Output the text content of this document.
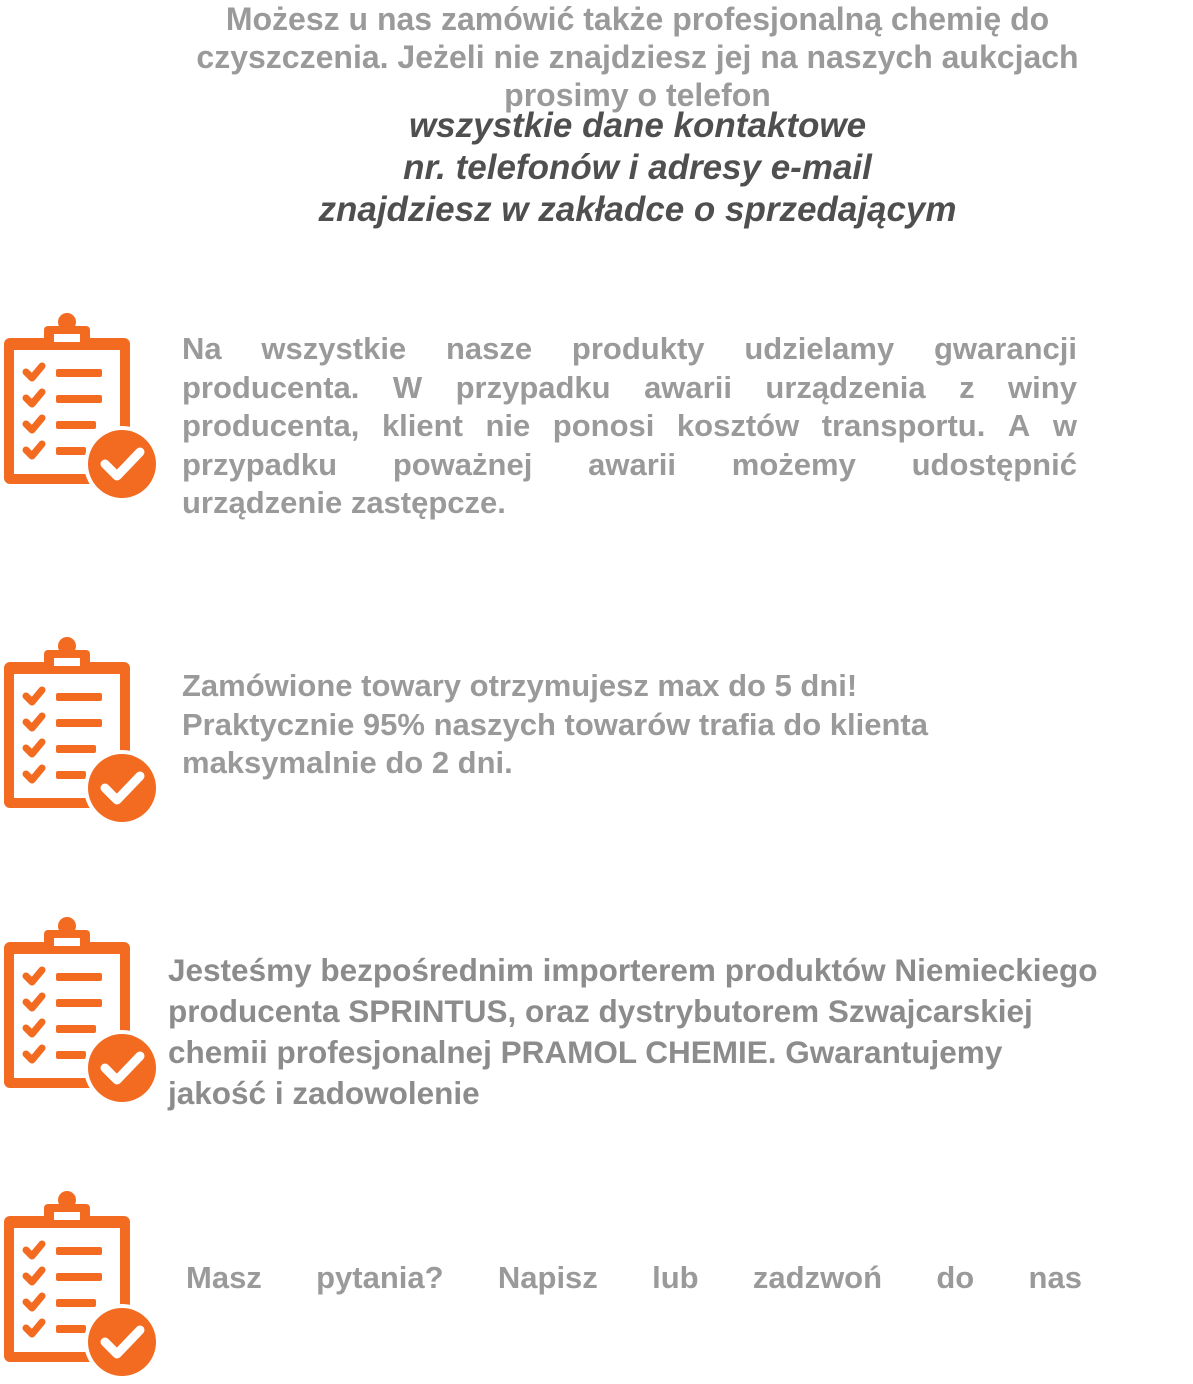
Możesz u nas zamówić także profesjonalną chemię do
czyszczenia. Jeżeli nie znajdziesz jej na naszych aukcjach
prosimy o telefon
wszystkie dane kontaktowe
nr. telefonów i adresy e-mail
znajdziesz w zakładce o sprzedającym
Na wszystkie nasze produkty udzielamy gwarancji
producenta. W przypadku awarii urządzenia z winy
producenta, klient nie ponosi kosztów transportu. A w
przypadku poważnej awarii możemy udostępnić
urządzenie zastępcze.
Zamówione towary otrzymujesz max do 5 dni!
Praktycznie 95% naszych towarów trafia do klienta
maksymalnie do 2 dni.
Jesteśmy bezpośrednim importerem produktów Niemieckiego
producenta SPRINTUS, oraz dystrybutorem Szwajcarskiej
chemii profesjonalnej PRAMOL CHEMIE. Gwarantujemy
jakość i zadowolenie
Masz pytania? Napisz lub zadzwoń do nas
